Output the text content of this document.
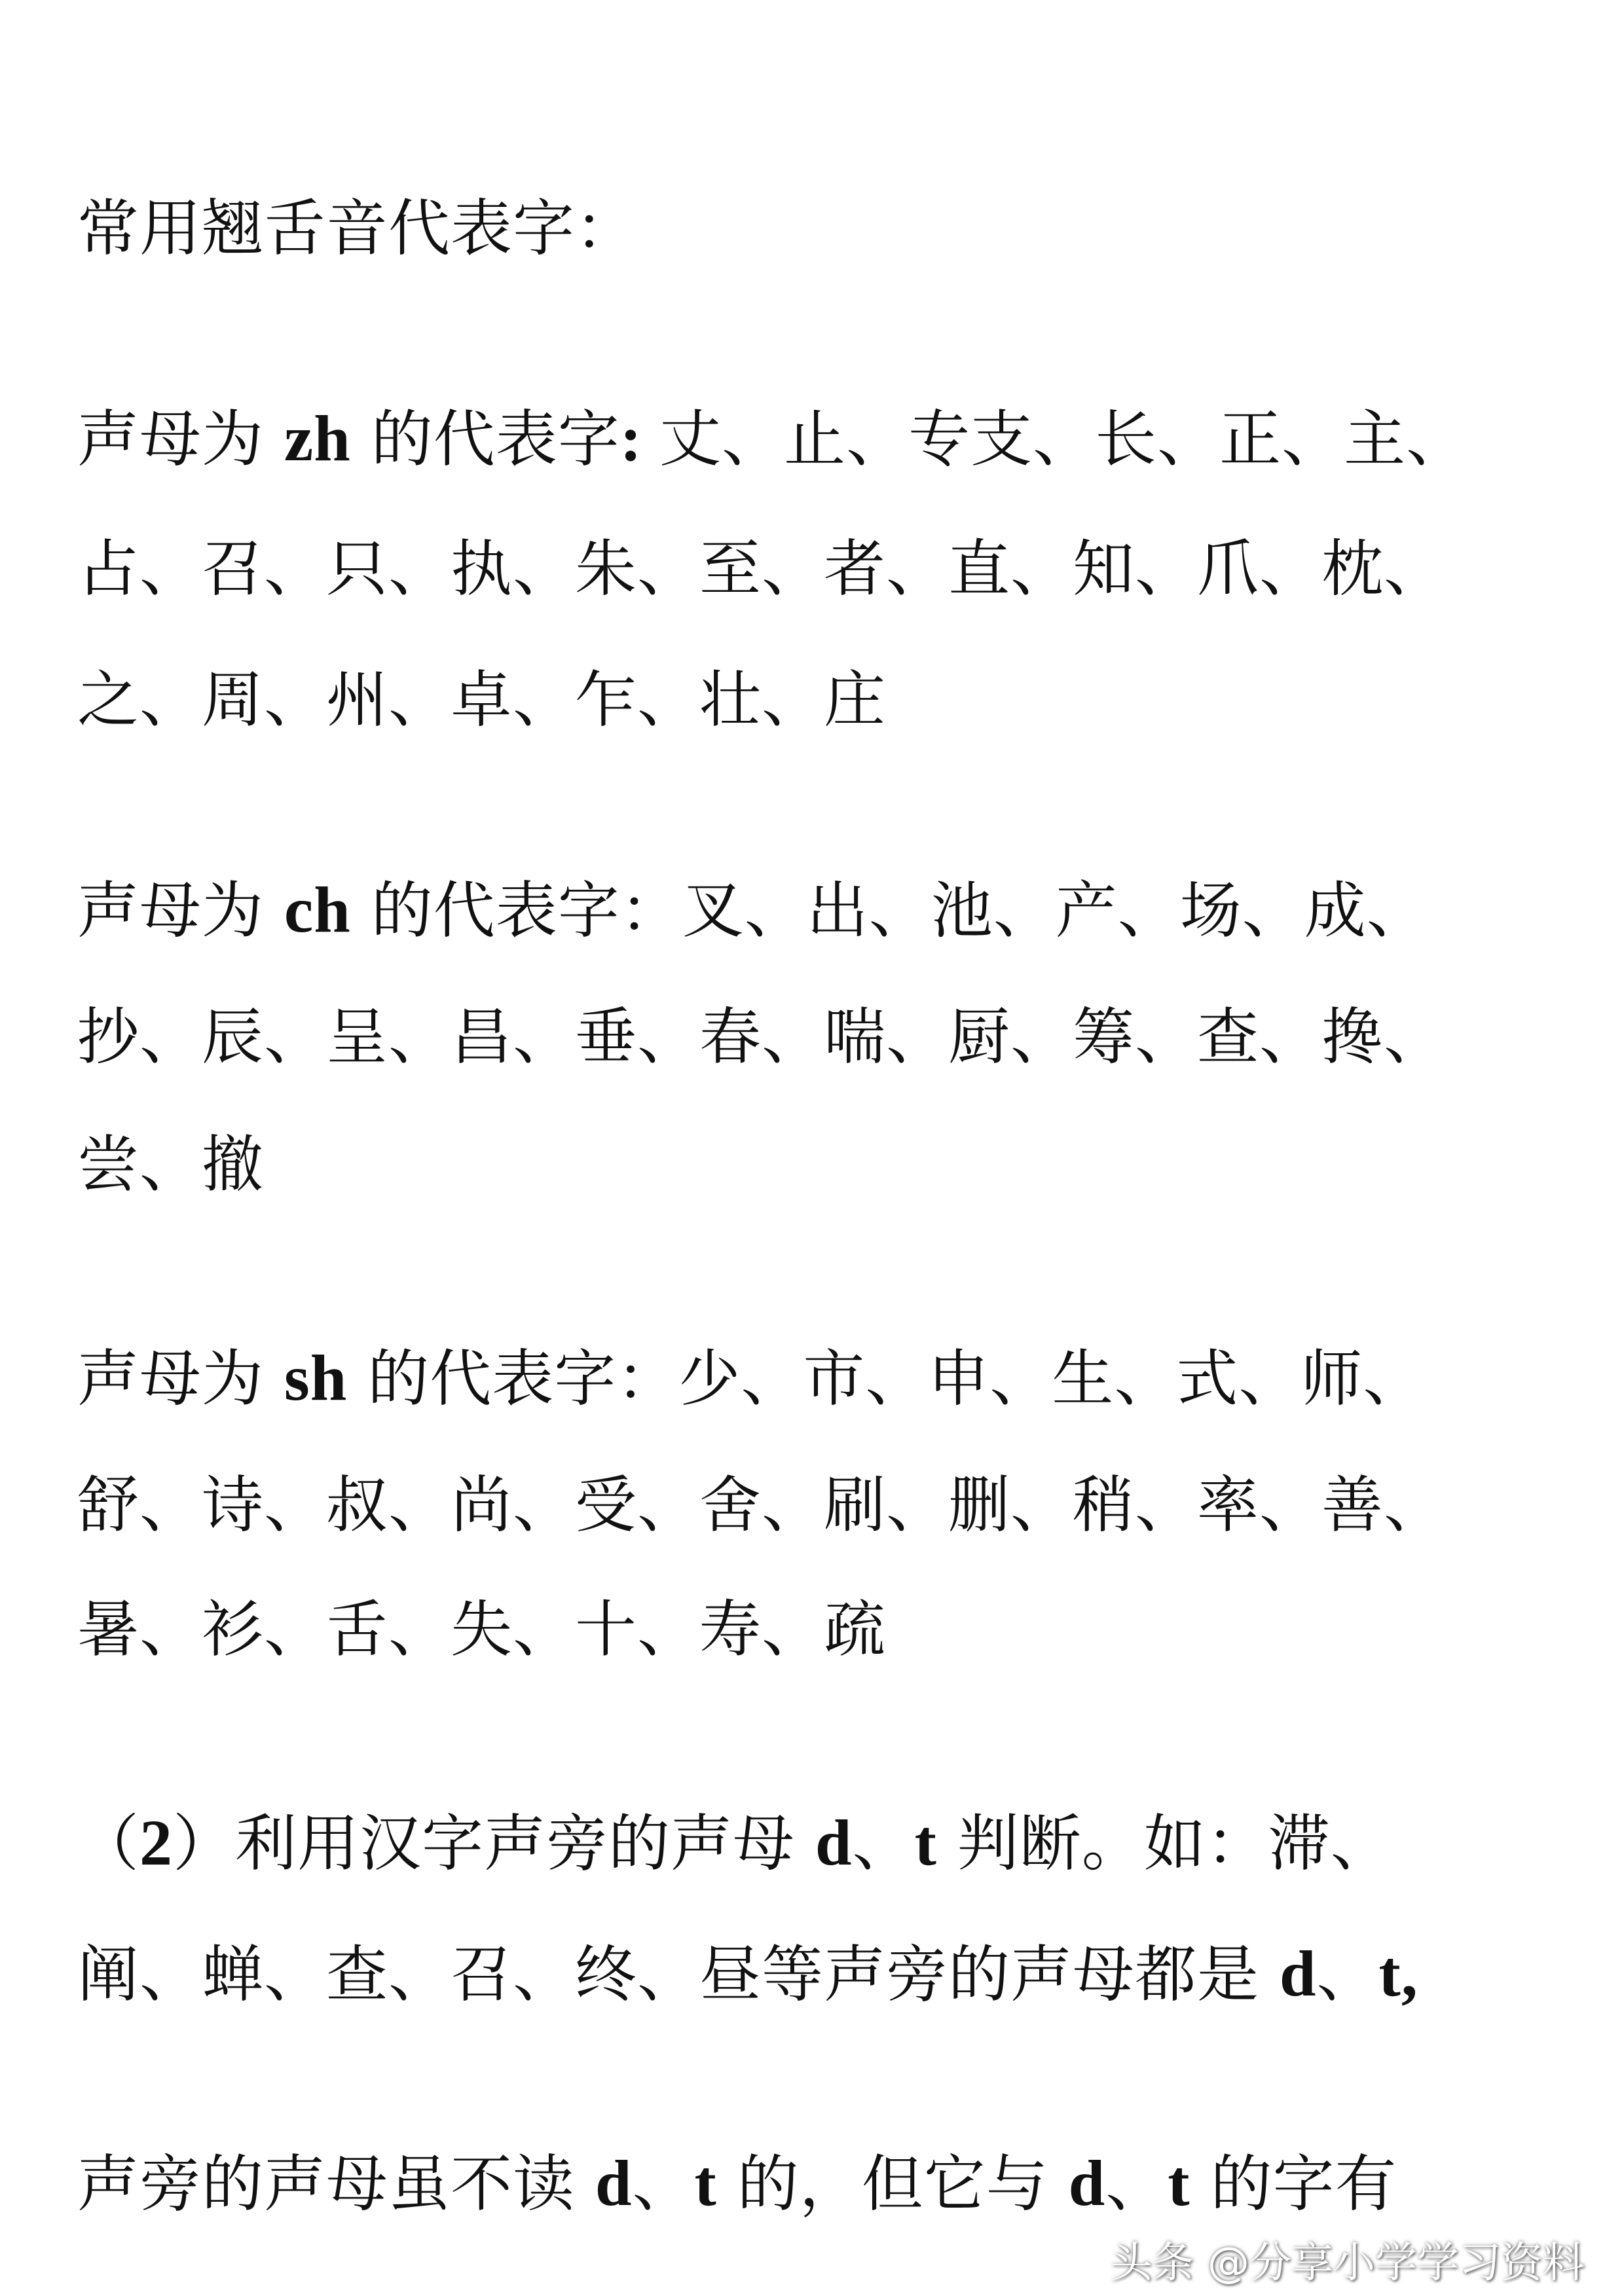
常用翘舌音代表字：
声母为 zh 的代表字: 丈、止、专支、长、正、主、
占、召、只、执、朱、至、者、直、知、爪、枕、
之、周、州、卓、乍、壮、庄
声母为 ch 的代表字：叉、出、池、产、场、成、
抄、辰、呈、昌、垂、春、喘、厨、筹、查、搀、
尝、撤
声母为 sh 的代表字：少、市、申、生、式、师、
舒、诗、叔、尚、受、舍、刷、删、稍、率、善、
暑、衫、舌、失、十、寿、疏
（2）利用汉字声旁的声母 d、t 判断。如：滞、
阐、蝉、查、召、终、昼等声旁的声母都是 d、t,
声旁的声母虽不读 d、t 的，但它与 d、t 的字有
头条 @分享小学学习资料
